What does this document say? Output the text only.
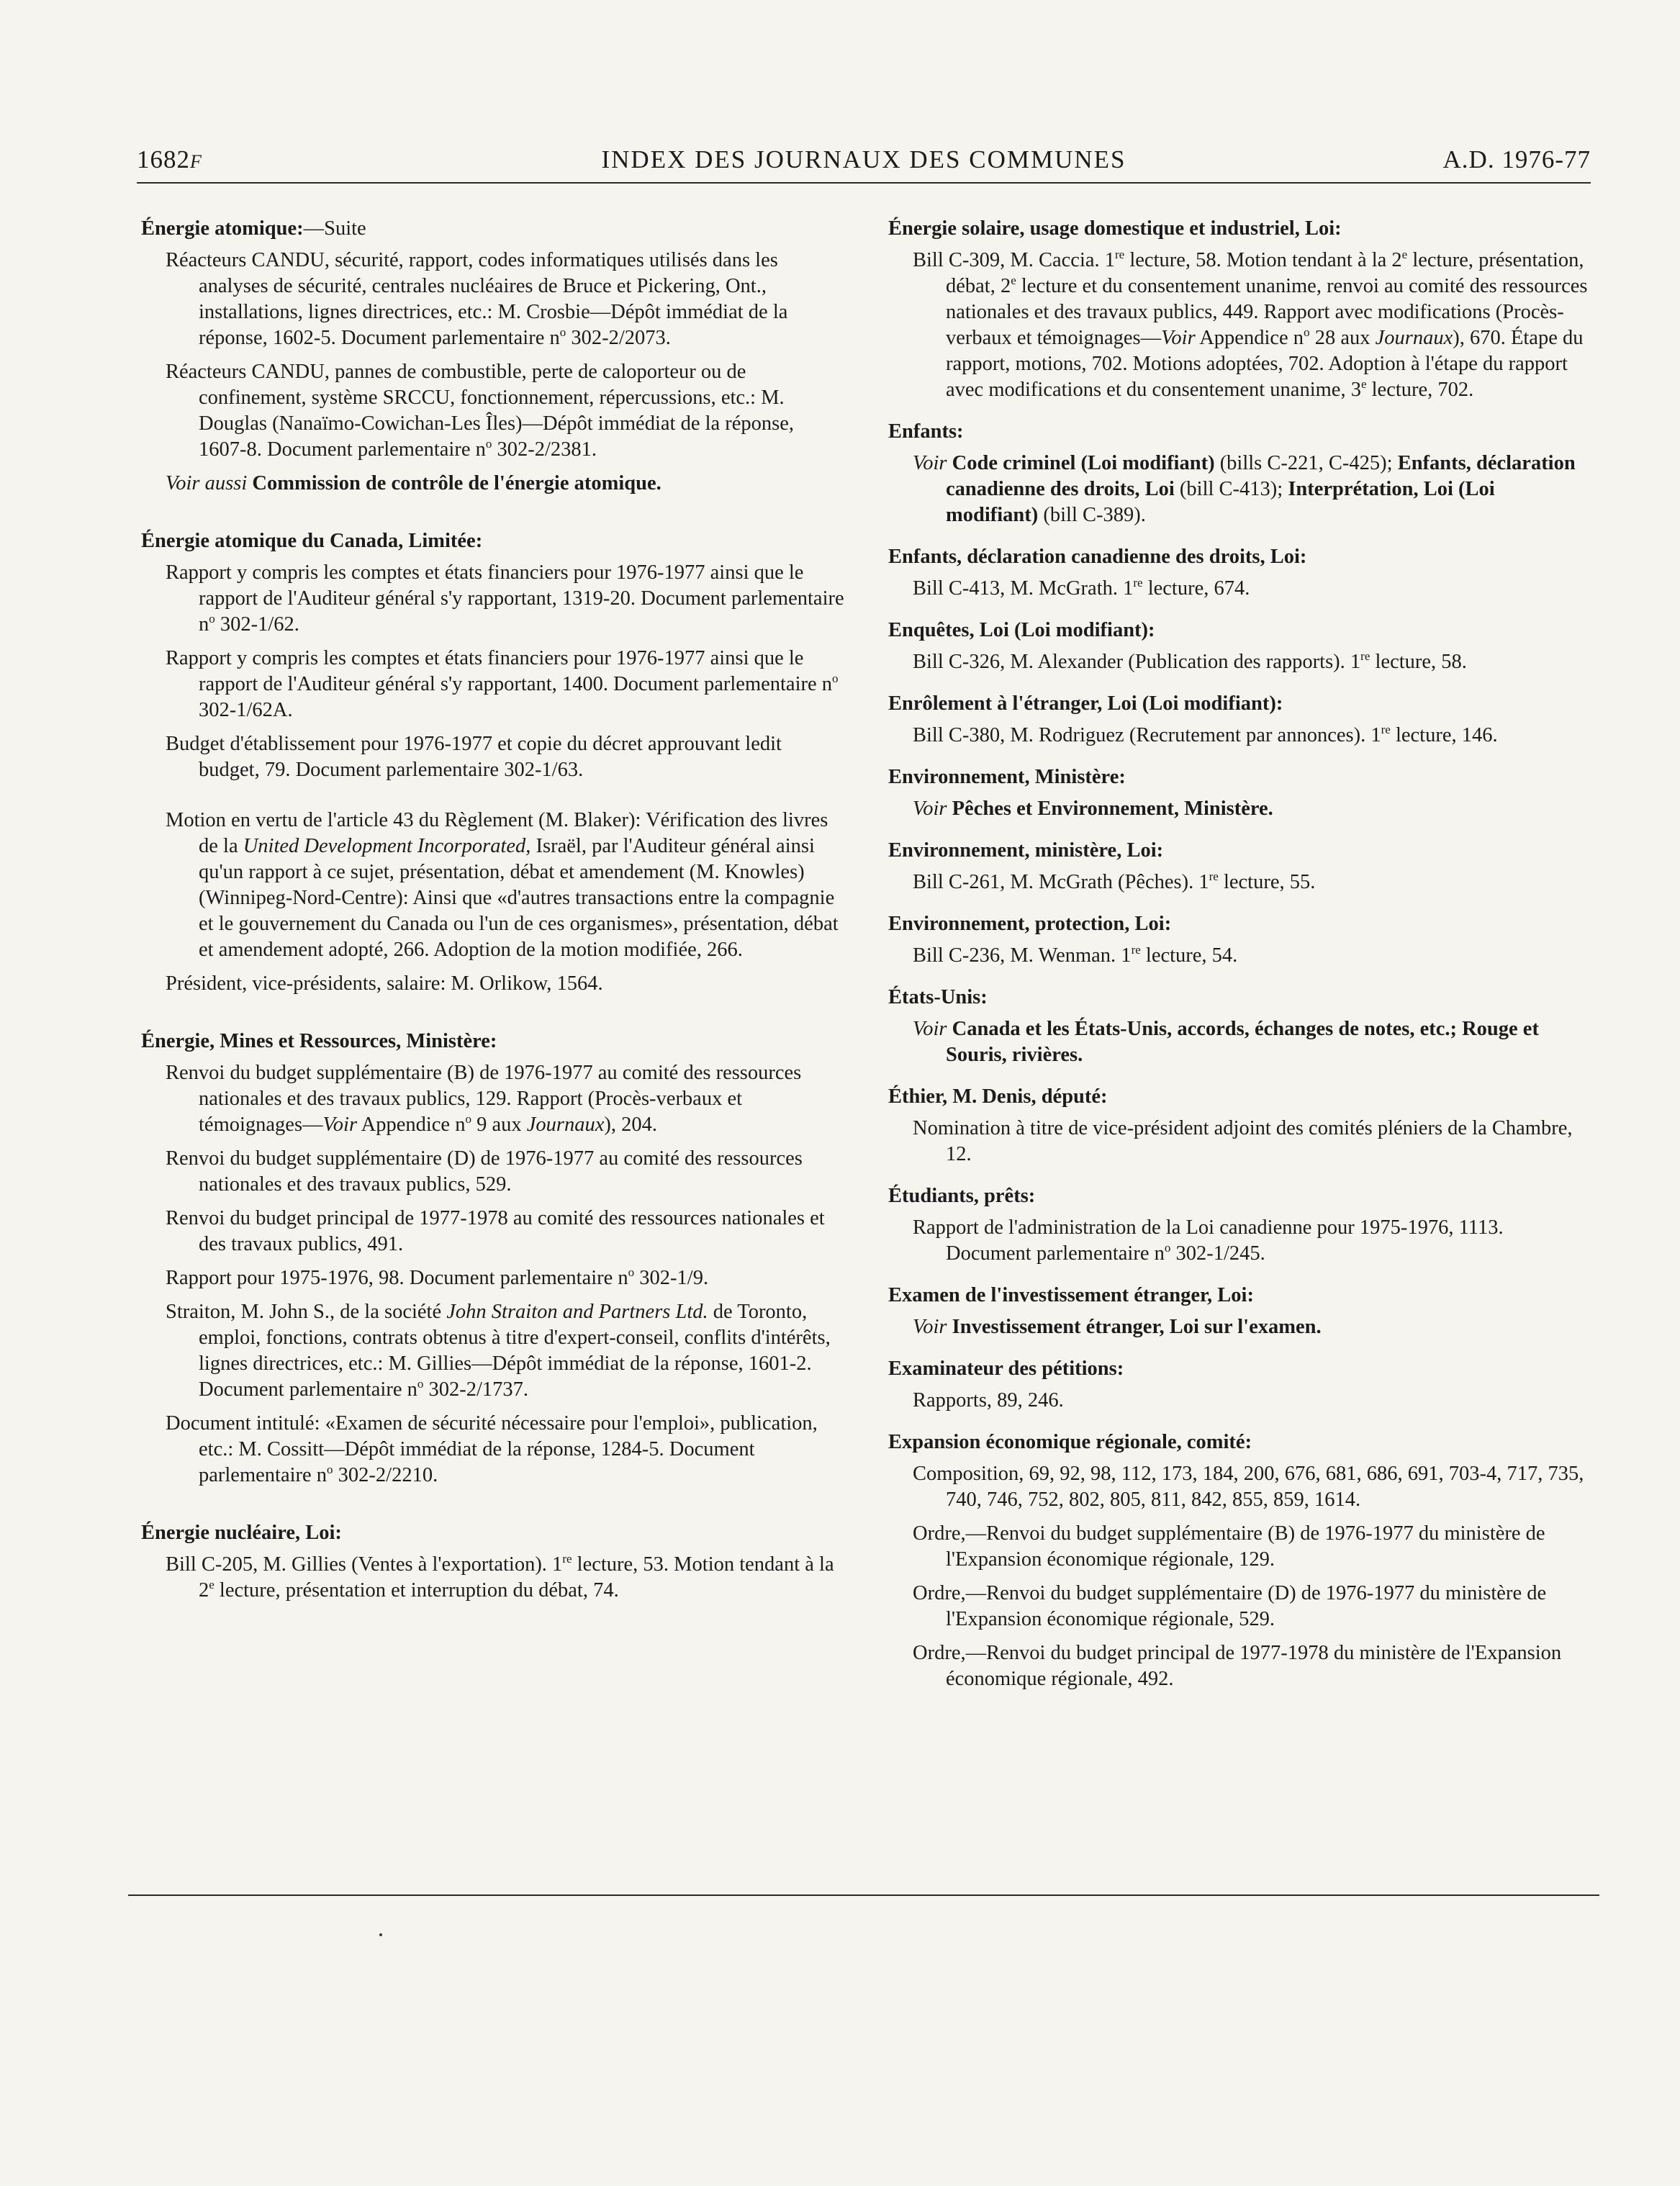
1682F	INDEX DES JOURNAUX DES COMMUNES	A.D. 1976-77
Énergie atomique:—Suite
Réacteurs CANDU, sécurité, rapport, codes informatiques utilisés dans les analyses de sécurité, centrales nucléaires de Bruce et Pickering, Ont., installations, lignes directrices, etc.: M. Crosbie—Dépôt immédiat de la réponse, 1602-5. Document parlementaire $n^o$ 302-2/2073.
Réacteurs CANDU, pannes de combustible, perte de caloporteur ou de confinement, système SRCCU, fonctionnement, répercussions, etc.: M. Douglas (Nanaïmo-Cowichan-Les Îles)—Dépôt immédiat de la réponse, 1607-8. Document parlementaire $n^o$ 302-2/2381.
Voir aussi Commission de contrôle de l'énergie atomique.
Énergie atomique du Canada, Limitée:
Rapport y compris les comptes et états financiers pour 1976-1977 ainsi que le rapport de l'Auditeur général s'y rapportant, 1319-20. Document parlementaire $n^o$ 302-1/62.
Rapport y compris les comptes et états financiers pour 1976-1977 ainsi que le rapport de l'Auditeur général s'y rapportant, 1400. Document parlementaire $n^o$ 302-1/62A.
Budget d'établissement pour 1976-1977 et copie du décret approuvant ledit budget, 79. Document parlementaire 302-1/63.
Motion en vertu de l'article 43 du Règlement (M. Blaker): Vérification des livres de la United Development Incorporated, Israël, par l'Auditeur général ainsi qu'un rapport à ce sujet, présentation, débat et amendement (M. Knowles) (Winnipeg-Nord-Centre): Ainsi que «d'autres transactions entre la compagnie et le gouvernement du Canada ou l'un de ces organismes», présentation, débat et amendement adopté, 266. Adoption de la motion modifiée, 266.
Président, vice-présidents, salaire: M. Orlikow, 1564.
Énergie, Mines et Ressources, Ministère:
Renvoi du budget supplémentaire (B) de 1976-1977 au comité des ressources nationales et des travaux publics, 129. Rapport (Procès-verbaux et témoignages—Voir Appendice $n^o$ 9 aux Journaux), 204.
Renvoi du budget supplémentaire (D) de 1976-1977 au comité des ressources nationales et des travaux publics, 529.
Renvoi du budget principal de 1977-1978 au comité des ressources nationales et des travaux publics, 491.
Rapport pour 1975-1976, 98. Document parlementaire $n^o$ 302-1/9.
Straiton, M. John S., de la société John Straiton and Partners Ltd. de Toronto, emploi, fonctions, contrats obtenus à titre d'expert-conseil, conflits d'intérêts, lignes directrices, etc.: M. Gillies—Dépôt immédiat de la réponse, 1601-2. Document parlementaire $n^o$ 302-2/1737.
Document intitulé: «Examen de sécurité nécessaire pour l'emploi», publication, etc.: M. Cossitt—Dépôt immédiat de la réponse, 1284-5. Document parlementaire $n^o$ 302-2/2210.
Énergie nucléaire, Loi:
Bill C-205, M. Gillies (Ventes à l'exportation). 1re lecture, 53. Motion tendant à la 2e lecture, présentation et interruption du débat, 74.
Énergie solaire, usage domestique et industriel, Loi:
Bill C-309, M. Caccia. 1re lecture, 58. Motion tendant à la 2e lecture, présentation, débat, 2e lecture et du consentement unanime, renvoi au comité des ressources nationales et des travaux publics, 449. Rapport avec modifications (Procès-verbaux et témoignages—Voir Appendice $n^o$ 28 aux Journaux), 670. Étape du rapport, motions, 702. Motions adoptées, 702. Adoption à l'étape du rapport avec modifications et du consentement unanime, 3e lecture, 702.
Enfants:
Voir Code criminel (Loi modifiant) (bills C-221, C-425); Enfants, déclaration canadienne des droits, Loi (bill C-413); Interprétation, Loi (Loi modifiant) (bill C-389).
Enfants, déclaration canadienne des droits, Loi:
Bill C-413, M. McGrath. 1re lecture, 674.
Enquêtes, Loi (Loi modifiant):
Bill C-326, M. Alexander (Publication des rapports). 1re lecture, 58.
Enrôlement à l'étranger, Loi (Loi modifiant):
Bill C-380, M. Rodriguez (Recrutement par annonces). 1re lecture, 146.
Environnement, Ministère:
Voir Pêches et Environnement, Ministère.
Environnement, ministère, Loi:
Bill C-261, M. McGrath (Pêches). 1re lecture, 55.
Environnement, protection, Loi:
Bill C-236, M. Wenman. 1re lecture, 54.
États-Unis:
Voir Canada et les États-Unis, accords, échanges de notes, etc.; Rouge et Souris, rivières.
Éthier, M. Denis, député:
Nomination à titre de vice-président adjoint des comités pléniers de la Chambre, 12.
Étudiants, prêts:
Rapport de l'administration de la Loi canadienne pour 1975-1976, 1113. Document parlementaire $n^o$ 302-1/245.
Examen de l'investissement étranger, Loi:
Voir Investissement étranger, Loi sur l'examen.
Examinateur des pétitions:
Rapports, 89, 246.
Expansion économique régionale, comité:
Composition, 69, 92, 98, 112, 173, 184, 200, 676, 681, 686, 691, 703-4, 717, 735, 740, 746, 752, 802, 805, 811, 842, 855, 859, 1614.
Ordre,—Renvoi du budget supplémentaire (B) de 1976-1977 du ministère de l'Expansion économique régionale, 129.
Ordre,—Renvoi du budget supplémentaire (D) de 1976-1977 du ministère de l'Expansion économique régionale, 529.
Ordre,—Renvoi du budget principal de 1977-1978 du ministère de l'Expansion économique régionale, 492.
